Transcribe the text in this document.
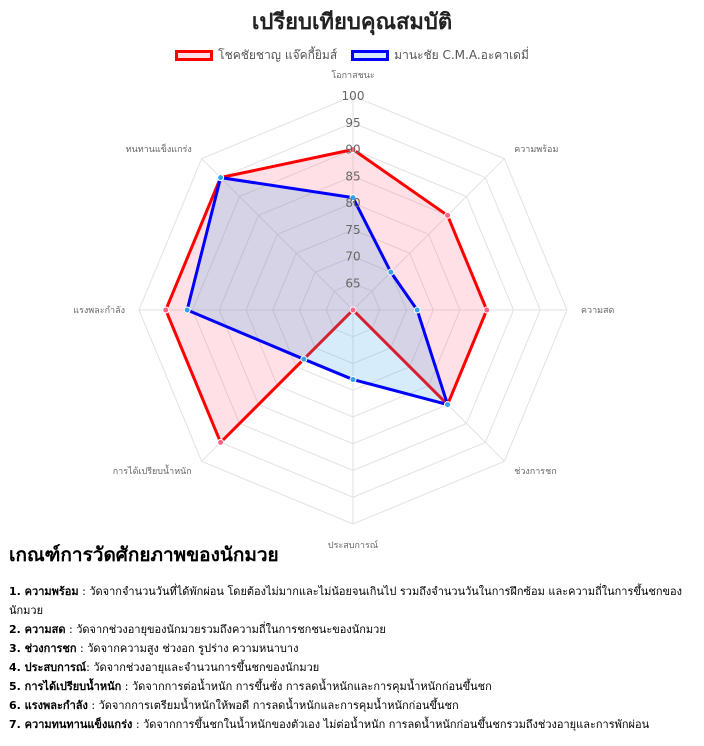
เปรียบเทียบคุณสมบัติ
โชคชัยชาญ แจ๊คกี้ยิมส์	มานะชัย C.M.A.อะคาเดมี่
65
70
75
80
85
90
95
100
โอกาสชนะ
ความพร้อม
ความสด
ช่วงการชก
ประสบการณ์
การได้เปรียบน้ำหนัก
แรงพละกำลัง
ทนทานแข็งแกร่ง
เกณฑ์การวัดศักยภาพของนักมวย

1. ความพร้อม : วัดจากจำนวนวันที่ได้พักผ่อน โดยต้องไม่มากและไม่น้อยจนเกินไป รวมถึงจำนวนวันในการฝึกซ้อม และความถี่ในการขึ้นชกของนักมวย

2. ความสด : วัดจากช่วงอายุของนักมวยรวมถึงความถี่ในการชกชนะของนักมวย

3. ช่วงการชก : วัดจากความสูง ช่วงอก รูปร่าง ความหนาบาง

4. ประสบการณ์: วัดจากช่วงอายุและจำนวนการขึ้นชกของนักมวย

5. การได้เปรียบน้ำหนัก : วัดจากการต่อน้ำหนัก การขึ้นชั่ง การลดน้ำหนักและการคุมน้ำหนักก่อนขึ้นชก

6. แรงพละกำลัง : วัดจากการเตรียมน้ำหนักให้พอดี การลดน้ำหนักและการคุมน้ำหนักก่อนขึ้นชก

7. ความทนทานแข็งแกร่ง : วัดจากการขึ้นชกในน้ำหนักของตัวเอง ไม่ต่อน้ำหนัก การลดน้ำหนักก่อนขึ้นชกรวมถึงช่วงอายุและการพักผ่อน
